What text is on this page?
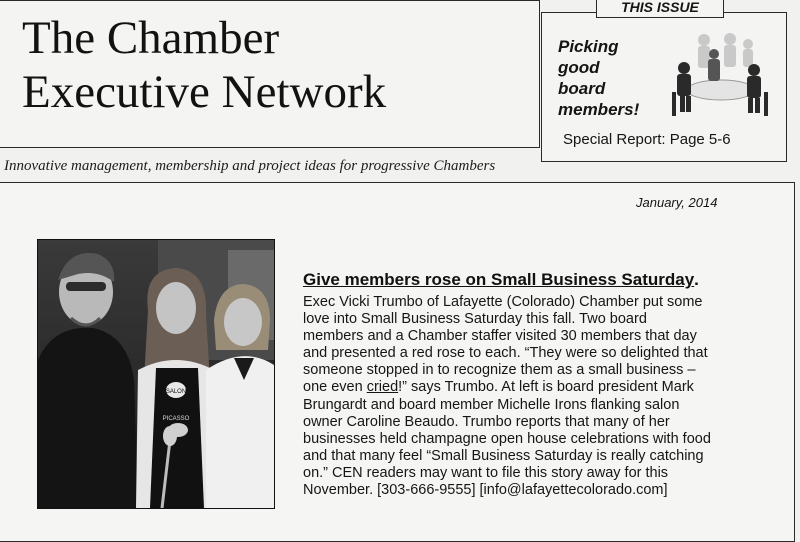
The Chamber
Executive Network
Innovative management, membership and project ideas for progressive Chambers
THIS ISSUE
Picking
good
board
members!
Special Report: Page 5-6
January, 2014
SALON
PICASSO
Give members rose on Small Business Saturday.
Exec Vicki Trumbo of Lafayette (Colorado) Chamber put some
love into Small Business Saturday this fall. Two board
members and a Chamber staffer visited 30 members that day
and presented a red rose to each. “They were so delighted that
someone stopped in to recognize them as a small business –
one even cried!” says Trumbo. At left is board president Mark
Brungardt and board member Michelle Irons flanking salon
owner Caroline Beaudo. Trumbo reports that many of her
businesses held champagne open house celebrations with food
and that many feel “Small Business Saturday is really catching
on.” CEN readers may want to file this story away for this
November. [303-666-9555] [info@lafayettecolorado.com]
